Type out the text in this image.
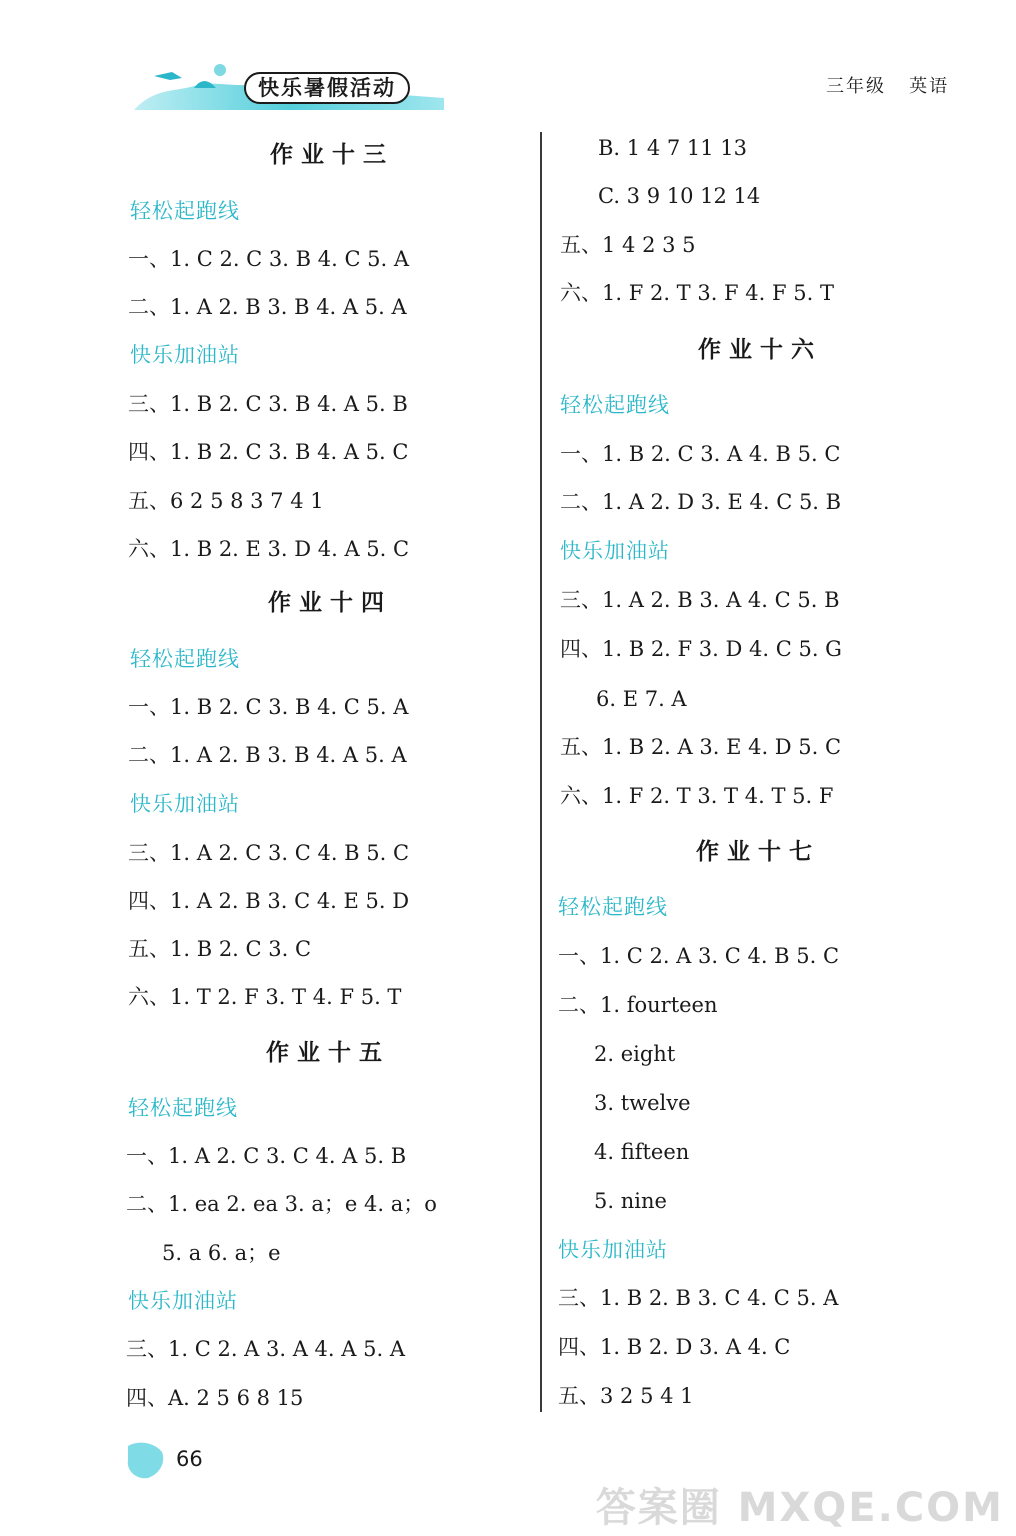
快乐暑假活动	三年级 英语
作业十三
轻松起跑线
一、1. C 2. C 3. B 4. C 5. A
二、1. A 2. B 3. B 4. A 5. A
快乐加油站
三、1. B 2. C 3. B 4. A 5. B
四、1. B 2. C 3. B 4. A 5. C
五、6 2 5 8 3 7 4 1
六、1. B 2. E 3. D 4. A 5. C
作业十四
轻松起跑线
一、1. B 2. C 3. B 4. C 5. A
二、1. A 2. B 3. B 4. A 5. A
快乐加油站
三、1. A 2. C 3. C 4. B 5. C
四、1. A 2. B 3. C 4. E 5. D
五、1. B 2. C 3. C
六、1. T 2. F 3. T 4. F 5. T
作业十五
轻松起跑线
一、1. A 2. C 3. C 4. A 5. B
二、1. ea 2. ea 3. a；e 4. a；o
5. a 6. a；e
快乐加油站
三、1. C 2. A 3. A 4. A 5. A
四、A. 2 5 6 8 15
B. 1 4 7 11 13
C. 3 9 10 12 14
五、1 4 2 3 5
六、1. F 2. T 3. F 4. F 5. T
作业十六
轻松起跑线
一、1. B 2. C 3. A 4. B 5. C
二、1. A 2. D 3. E 4. C 5. B
快乐加油站
三、1. A 2. B 3. A 4. C 5. B
四、1. B 2. F 3. D 4. C 5. G
6. E 7. A
五、1. B 2. A 3. E 4. D 5. C
六、1. F 2. T 3. T 4. T 5. F
作业十七
轻松起跑线
一、1. C 2. A 3. C 4. B 5. C
二、1. fourteen
2. eight
3. twelve
4. fifteen
5. nine
快乐加油站
三、1. B 2. B 3. C 4. C 5. A
四、1. B 2. D 3. A 4. C
五、3 2 5 4 1
66
答案圈 MXQE.COM
